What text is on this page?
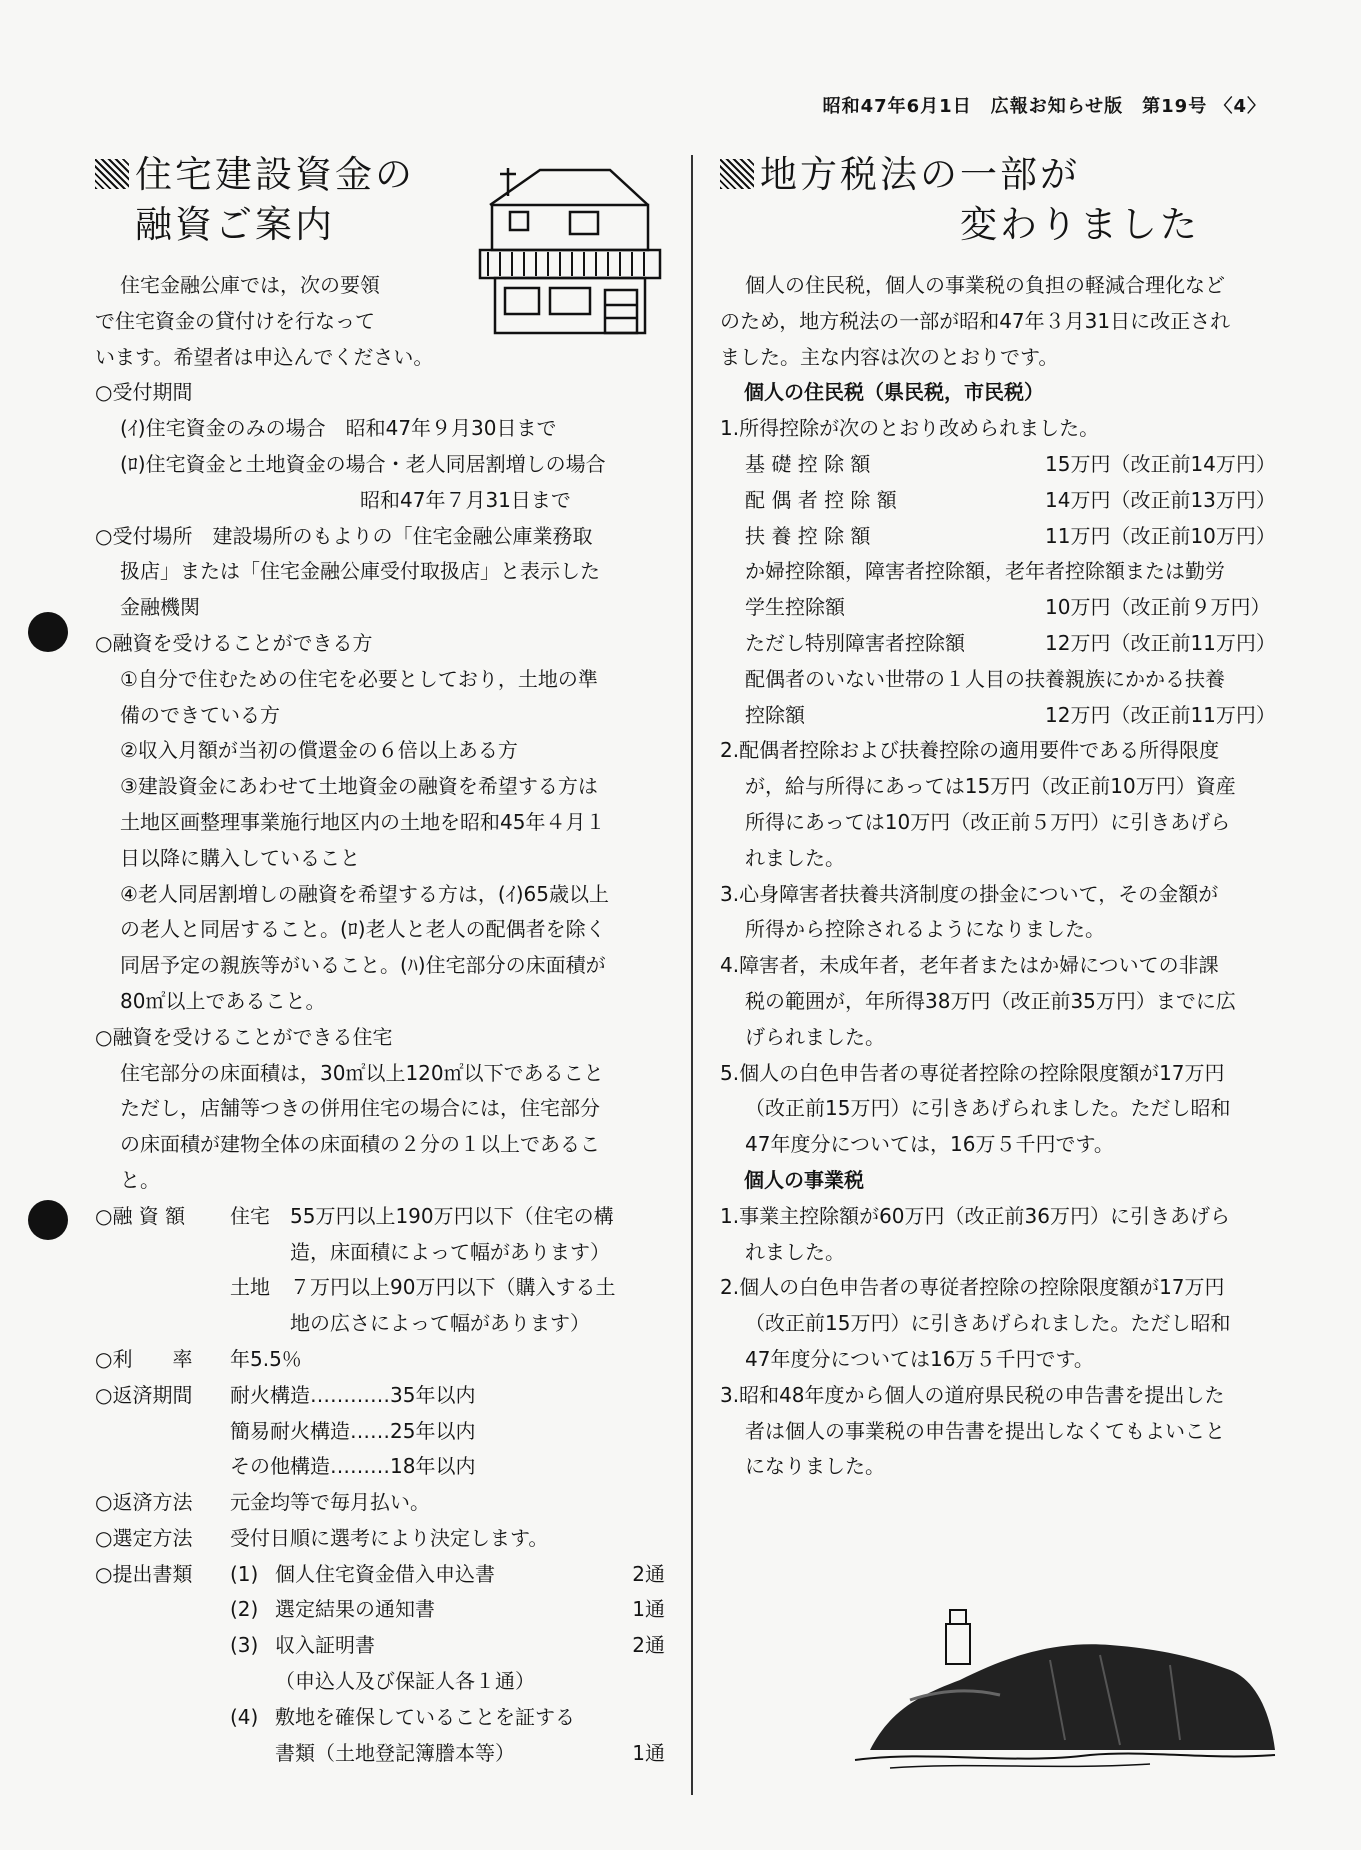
昭和47年6月1日　広報お知らせ版　第19号 〈4〉
住宅建設資金の
融資ご案内

住宅金融公庫では，次の要領

で住宅資金の貸付けを行なって

います。希望者は申込んでください。

○受付期間

(ｲ)住宅資金のみの場合　昭和47年９月30日まで

(ﾛ)住宅資金と土地資金の場合・老人同居割増しの場合

昭和47年７月31日まで

○受付場所　建設場所のもよりの「住宅金融公庫業務取

扱店」または「住宅金融公庫受付取扱店」と表示した

金融機関

○融資を受けることができる方

①自分で住むための住宅を必要としており，土地の準

備のできている方

②収入月額が当初の償還金の６倍以上ある方

③建設資金にあわせて土地資金の融資を希望する方は

土地区画整理事業施行地区内の土地を昭和45年４月１

日以降に購入していること

④老人同居割増しの融資を希望する方は，(ｲ)65歳以上

の老人と同居すること。(ﾛ)老人と老人の配偶者を除く

同居予定の親族等がいること。(ﾊ)住宅部分の床面積が

80㎡以上であること。

○融資を受けることができる住宅

住宅部分の床面積は，30㎡以上120㎡以下であること

ただし，店舗等つきの併用住宅の場合には，住宅部分

の床面積が建物全体の床面積の２分の１以上であるこ

と。

○融 資 額	住宅　55万円以上190万円以下（住宅の構

　　　造，床面積によって幅があります）

土地　７万円以上90万円以下（購入する土

　　　地の広さによって幅があります）

○利　　率	年5.5％
○返済期間	耐火構造…………35年以内

簡易耐火構造……25年以内

その他構造………18年以内

○返済方法	元金均等で毎月払い。
○選定方法	受付日順に選考により決定します。
○提出書類	(1) 個人住宅資金借入申込書	2通
(2) 選定結果の通知書	1通
(3) 収入証明書	2通
（申込人及び保証人各１通）
(4) 敷地を確保していることを証する
書類（土地登記簿謄本等）	1通
地方税法の一部が
変わりました

個人の住民税，個人の事業税の負担の軽減合理化など

のため，地方税法の一部が昭和47年３月31日に改正され

ました。主な内容は次のとおりです。

個人の住民税（県民税，市民税）

1.所得控除が次のとおり改められました。

基 礎 控 除 額	15万円（改正前14万円）
配 偶 者 控 除 額	14万円（改正前13万円）
扶 養 控 除 額	11万円（改正前10万円）

か婦控除額，障害者控除額，老年者控除額または勤労

学生控除額	10万円（改正前９万円）
ただし特別障害者控除額	12万円（改正前11万円）

配偶者のいない世帯の１人目の扶養親族にかかる扶養

控除額	12万円（改正前11万円）

2.配偶者控除および扶養控除の適用要件である所得限度

が，給与所得にあっては15万円（改正前10万円）資産

所得にあっては10万円（改正前５万円）に引きあげら

れました。

3.心身障害者扶養共済制度の掛金について，その金額が

所得から控除されるようになりました。

4.障害者，未成年者，老年者またはか婦についての非課

税の範囲が，年所得38万円（改正前35万円）までに広

げられました。

5.個人の白色申告者の専従者控除の控除限度額が17万円

（改正前15万円）に引きあげられました。ただし昭和

47年度分については，16万５千円です。

個人の事業税

1.事業主控除額が60万円（改正前36万円）に引きあげら

れました。

2.個人の白色申告者の専従者控除の控除限度額が17万円

（改正前15万円）に引きあげられました。ただし昭和

47年度分については16万５千円です。

3.昭和48年度から個人の道府県民税の申告書を提出した

者は個人の事業税の申告書を提出しなくてもよいこと

になりました。
